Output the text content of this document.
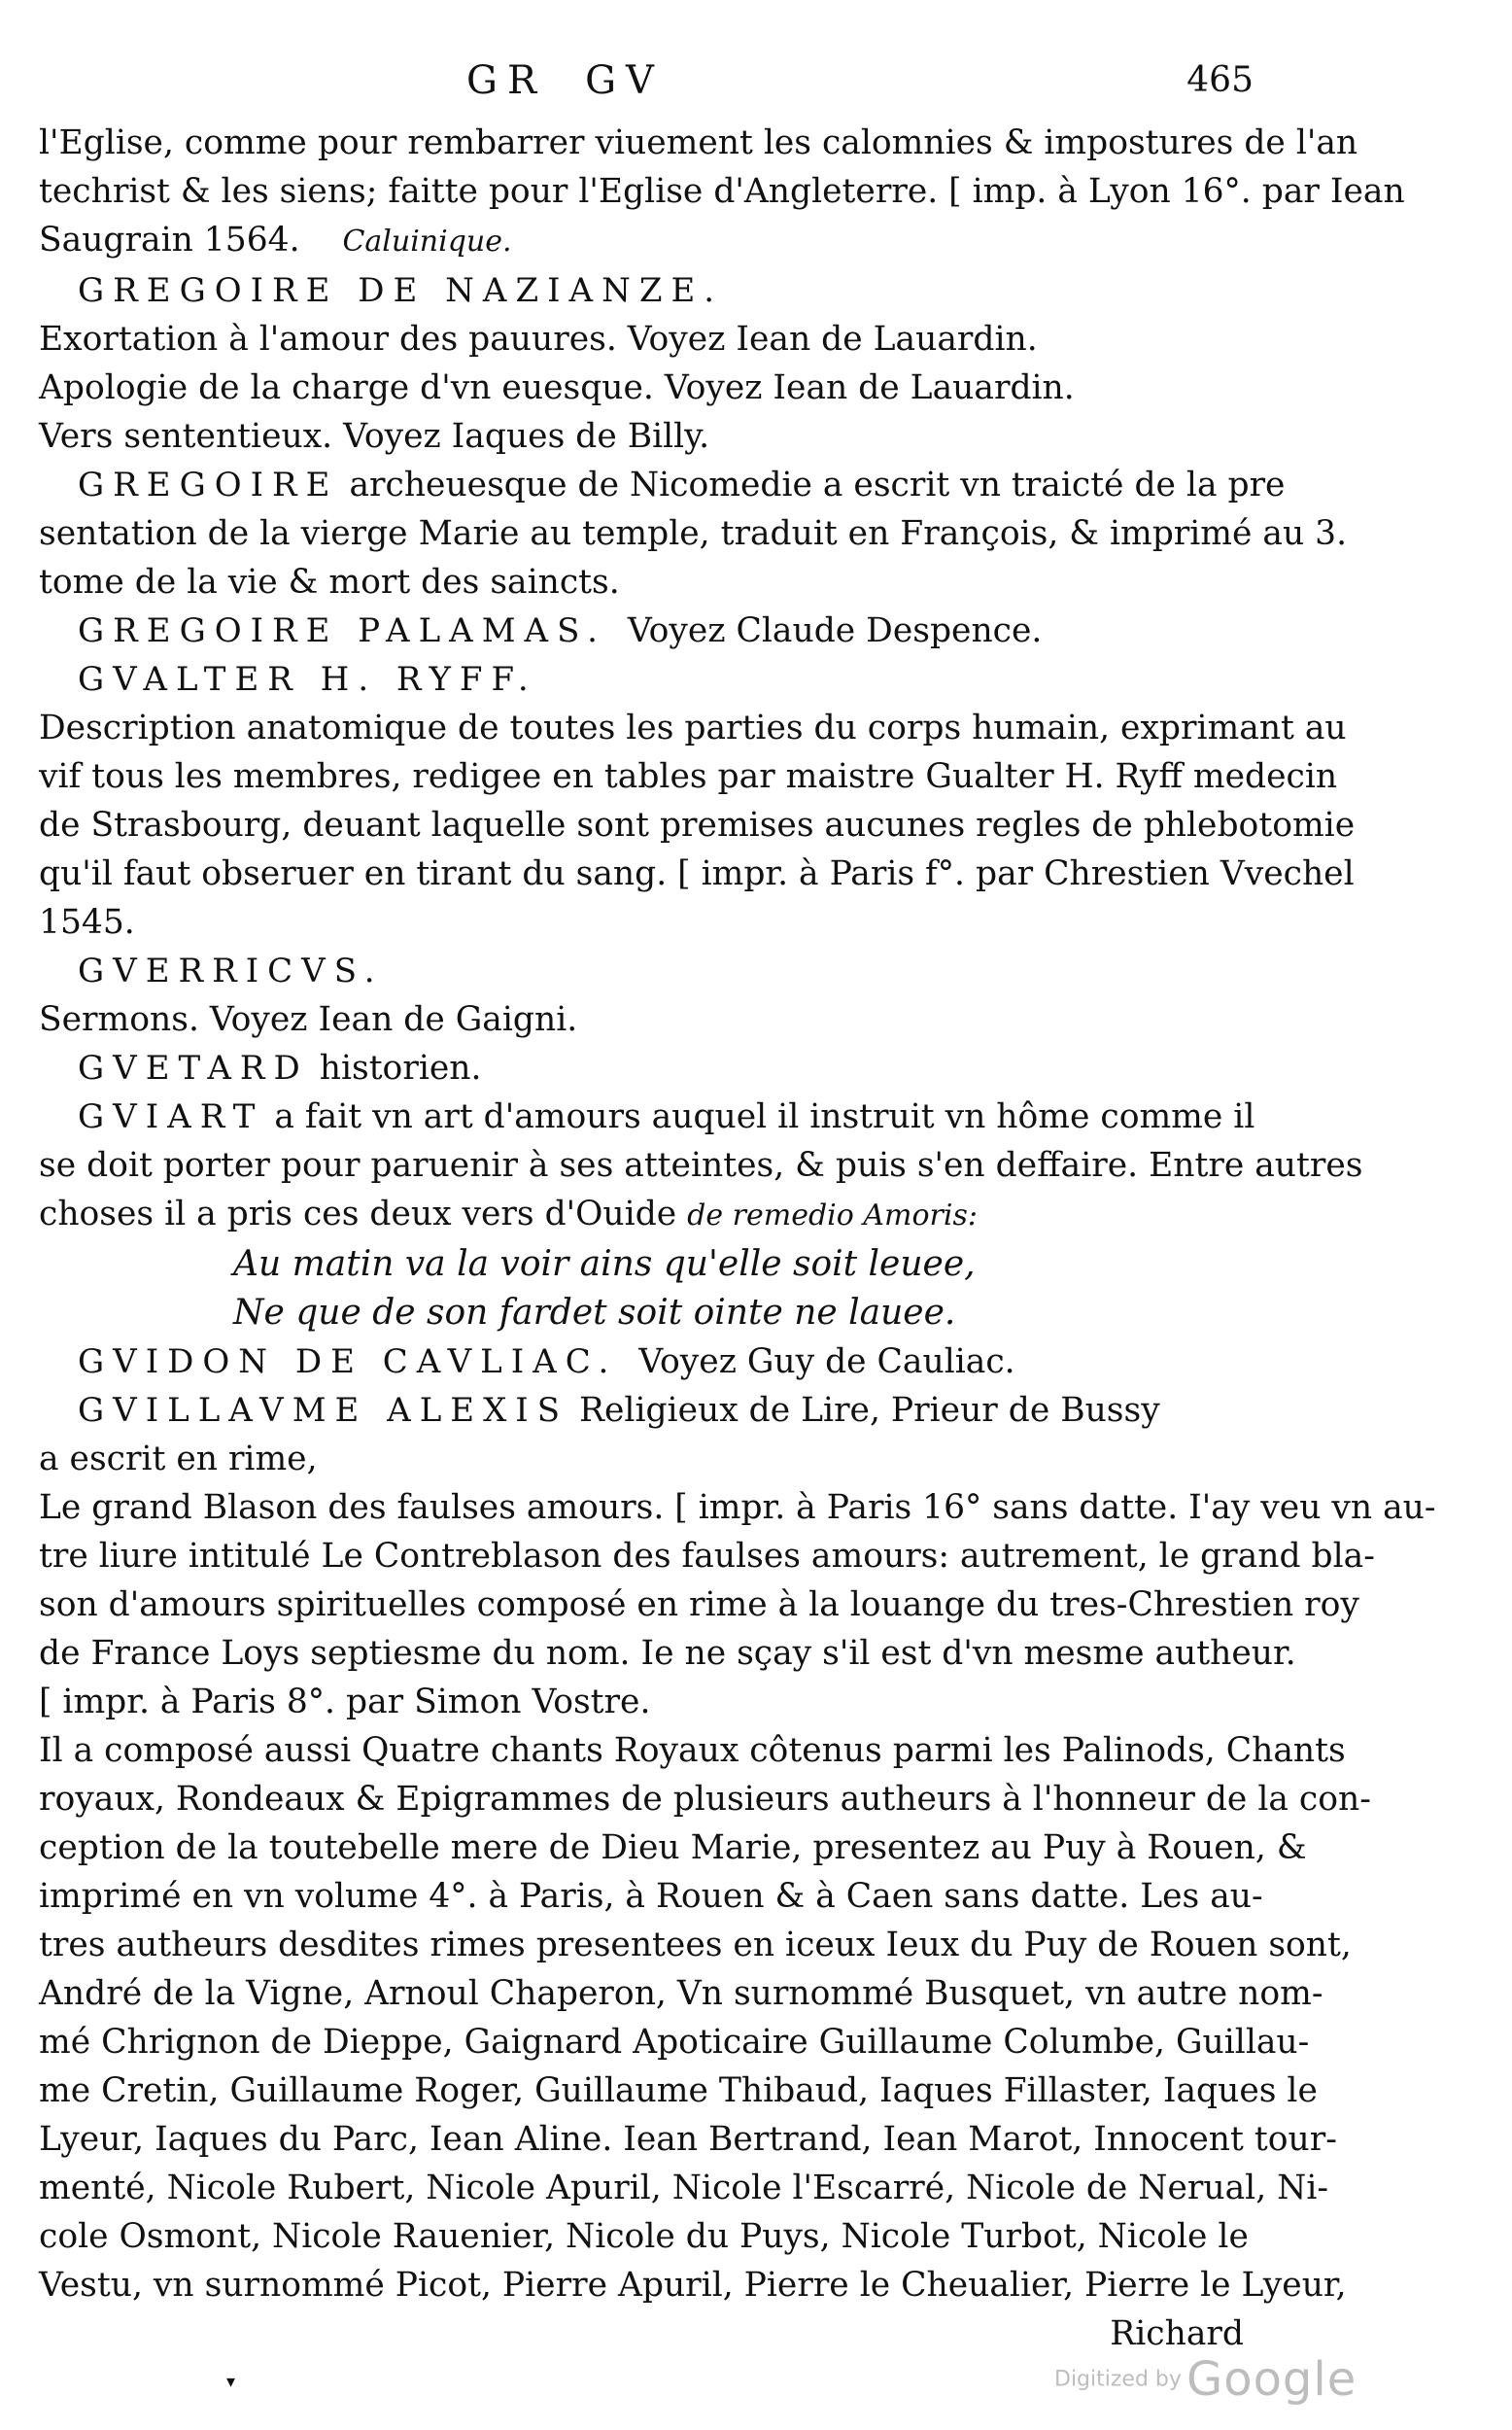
GR GV	465
l'Eglise, comme pour rembarrer viuement les calomnies & impostures de l'an
techrist & les siens; faitte pour l'Eglise d'Angleterre. [ imp. à Lyon 16°. par Iean
Saugrain 1564. Caluinique.
GREGOIRE DE NAZIANZE.
Exortation à l'amour des pauures. Voyez Iean de Lauardin.
Apologie de la charge d'vn euesque. Voyez Iean de Lauardin.
Vers sententieux. Voyez Iaques de Billy.
GREGOIRE archeuesque de Nicomedie a escrit vn traicté de la pre
sentation de la vierge Marie au temple, traduit en François, & imprimé au 3.
tome de la vie & mort des saincts.
GREGOIRE PALAMAS. Voyez Claude Despence.
GVALTER H. RYFF.
Description anatomique de toutes les parties du corps humain, exprimant au
vif tous les membres, redigee en tables par maistre Gualter H. Ryff medecin
de Strasbourg, deuant laquelle sont premises aucunes regles de phlebotomie
qu'il faut obseruer en tirant du sang. [ impr. à Paris f°. par Chrestien Vvechel
1545.
GVERRICVS.
Sermons. Voyez Iean de Gaigni.
GVETARD historien.
GVIART a fait vn art d'amours auquel il instruit vn hôme comme il
se doit porter pour paruenir à ses atteintes, & puis s'en deffaire. Entre autres
choses il a pris ces deux vers d'Ouide de remedio Amoris:
Au matin va la voir ains qu'elle soit leuee,
Ne que de son fardet soit ointe ne lauee.
GVIDON DE CAVLIAC. Voyez Guy de Cauliac.
GVILLAVME ALEXIS Religieux de Lire, Prieur de Bussy
a escrit en rime,
Le grand Blason des faulses amours. [ impr. à Paris 16° sans datte. I'ay veu vn au-
tre liure intitulé Le Contreblason des faulses amours: autrement, le grand bla-
son d'amours spirituelles composé en rime à la louange du tres-Chrestien roy
de France Loys septiesme du nom. Ie ne sçay s'il est d'vn mesme autheur.
[ impr. à Paris 8°. par Simon Vostre.
Il a composé aussi Quatre chants Royaux côtenus parmi les Palinods, Chants
royaux, Rondeaux & Epigrammes de plusieurs autheurs à l'honneur de la con-
ception de la toutebelle mere de Dieu Marie, presentez au Puy à Rouen, &
imprimé en vn volume 4°. à Paris, à Rouen & à Caen sans datte. Les au-
tres autheurs desdites rimes presentees en iceux Ieux du Puy de Rouen sont,
André de la Vigne, Arnoul Chaperon, Vn surnommé Busquet, vn autre nom-
mé Chrignon de Dieppe, Gaignard Apoticaire Guillaume Columbe, Guillau-
me Cretin, Guillaume Roger, Guillaume Thibaud, Iaques Fillaster, Iaques le
Lyeur, Iaques du Parc, Iean Aline. Iean Bertrand, Iean Marot, Innocent tour-
menté, Nicole Rubert, Nicole Apuril, Nicole l'Escarré, Nicole de Nerual, Ni-
cole Osmont, Nicole Rauenier, Nicole du Puys, Nicole Turbot, Nicole le
Vestu, vn surnommé Picot, Pierre Apuril, Pierre le Cheualier, Pierre le Lyeur,
Richard
▾	Digitized by Google
